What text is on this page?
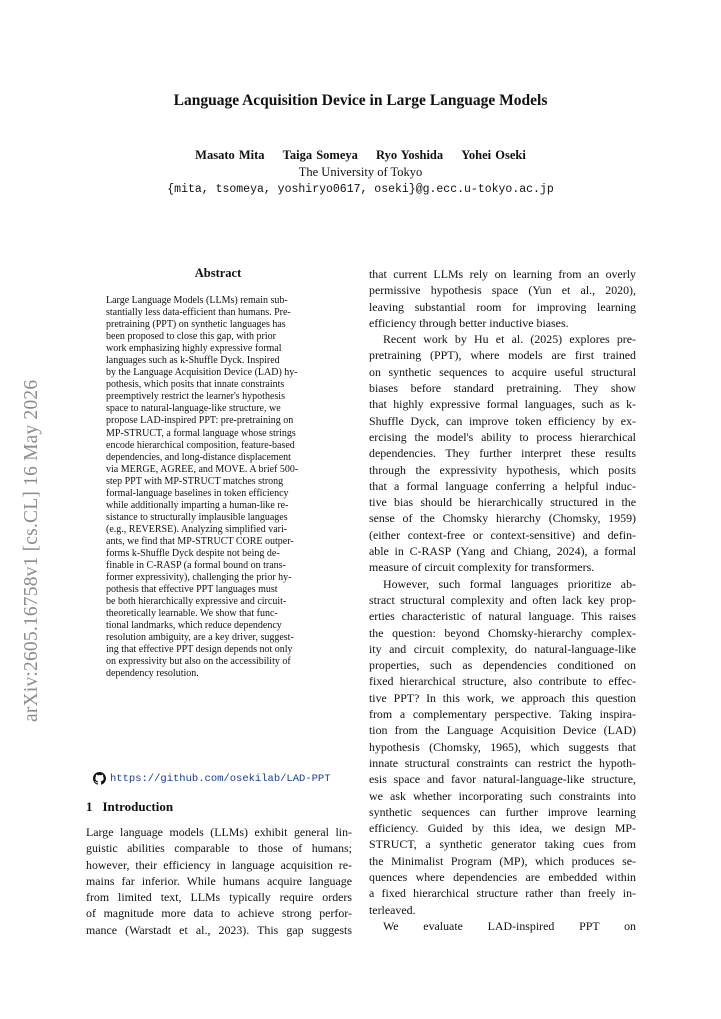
arXiv:2605.16758v1 [cs.CL] 16 May 2026
Language Acquisition Device in Large Language Models
Masato Mita Taiga Someya Ryo Yoshida Yohei Oseki
The University of Tokyo
{mita, tsomeya, yoshiryo0617, oseki}@g.ecc.u-tokyo.ac.jp
Abstract
Large Language Models (LLMs) remain sub-
stantially less data-efficient than humans. Pre-
pretraining (PPT) on synthetic languages has
been proposed to close this gap, with prior
work emphasizing highly expressive formal
languages such as k-Shuffle Dyck. Inspired
by the Language Acquisition Device (LAD) hy-
pothesis, which posits that innate constraints
preemptively restrict the learner's hypothesis
space to natural-language-like structure, we
propose LAD-inspired PPT: pre-pretraining on
MP-STRUCT, a formal language whose strings
encode hierarchical composition, feature-based
dependencies, and long-distance displacement
via MERGE, AGREE, and MOVE. A brief 500-
step PPT with MP-STRUCT matches strong
formal-language baselines in token efficiency
while additionally imparting a human-like re-
sistance to structurally implausible languages
(e.g., REVERSE). Analyzing simplified vari-
ants, we find that MP-STRUCT CORE outper-
forms k-Shuffle Dyck despite not being de-
finable in C-RASP (a formal bound on trans-
former expressivity), challenging the prior hy-
pothesis that effective PPT languages must
be both hierarchically expressive and circuit-
theoretically learnable. We show that func-
tional landmarks, which reduce dependency
resolution ambiguity, are a key driver, suggest-
ing that effective PPT design depends not only
on expressivity but also on the accessibility of
dependency resolution.
https://github.com/osekilab/LAD-PPT
1 Introduction
Large language models (LLMs) exhibit general lin-
guistic abilities comparable to those of humans;
however, their efficiency in language acquisition re-
mains far inferior. While humans acquire language
from limited text, LLMs typically require orders
of magnitude more data to achieve strong perfor-
mance (Warstadt et al., 2023). This gap suggests
that current LLMs rely on learning from an overly
permissive hypothesis space (Yun et al., 2020),
leaving substantial room for improving learning
efficiency through better inductive biases.
Recent work by Hu et al. (2025) explores pre-
pretraining (PPT), where models are first trained
on synthetic sequences to acquire useful structural
biases before standard pretraining. They show
that highly expressive formal languages, such as k-
Shuffle Dyck, can improve token efficiency by ex-
ercising the model's ability to process hierarchical
dependencies. They further interpret these results
through the expressivity hypothesis, which posits
that a formal language conferring a helpful induc-
tive bias should be hierarchically structured in the
sense of the Chomsky hierarchy (Chomsky, 1959)
(either context-free or context-sensitive) and defin-
able in C-RASP (Yang and Chiang, 2024), a formal
measure of circuit complexity for transformers.
However, such formal languages prioritize ab-
stract structural complexity and often lack key prop-
erties characteristic of natural language. This raises
the question: beyond Chomsky-hierarchy complex-
ity and circuit complexity, do natural-language-like
properties, such as dependencies conditioned on
fixed hierarchical structure, also contribute to effec-
tive PPT? In this work, we approach this question
from a complementary perspective. Taking inspira-
tion from the Language Acquisition Device (LAD)
hypothesis (Chomsky, 1965), which suggests that
innate structural constraints can restrict the hypoth-
esis space and favor natural-language-like structure,
we ask whether incorporating such constraints into
synthetic sequences can further improve learning
efficiency. Guided by this idea, we design MP-
STRUCT, a synthetic generator taking cues from
the Minimalist Program (MP), which produces se-
quences where dependencies are embedded within
a fixed hierarchical structure rather than freely in-
terleaved.
We evaluate LAD-inspired PPT on
